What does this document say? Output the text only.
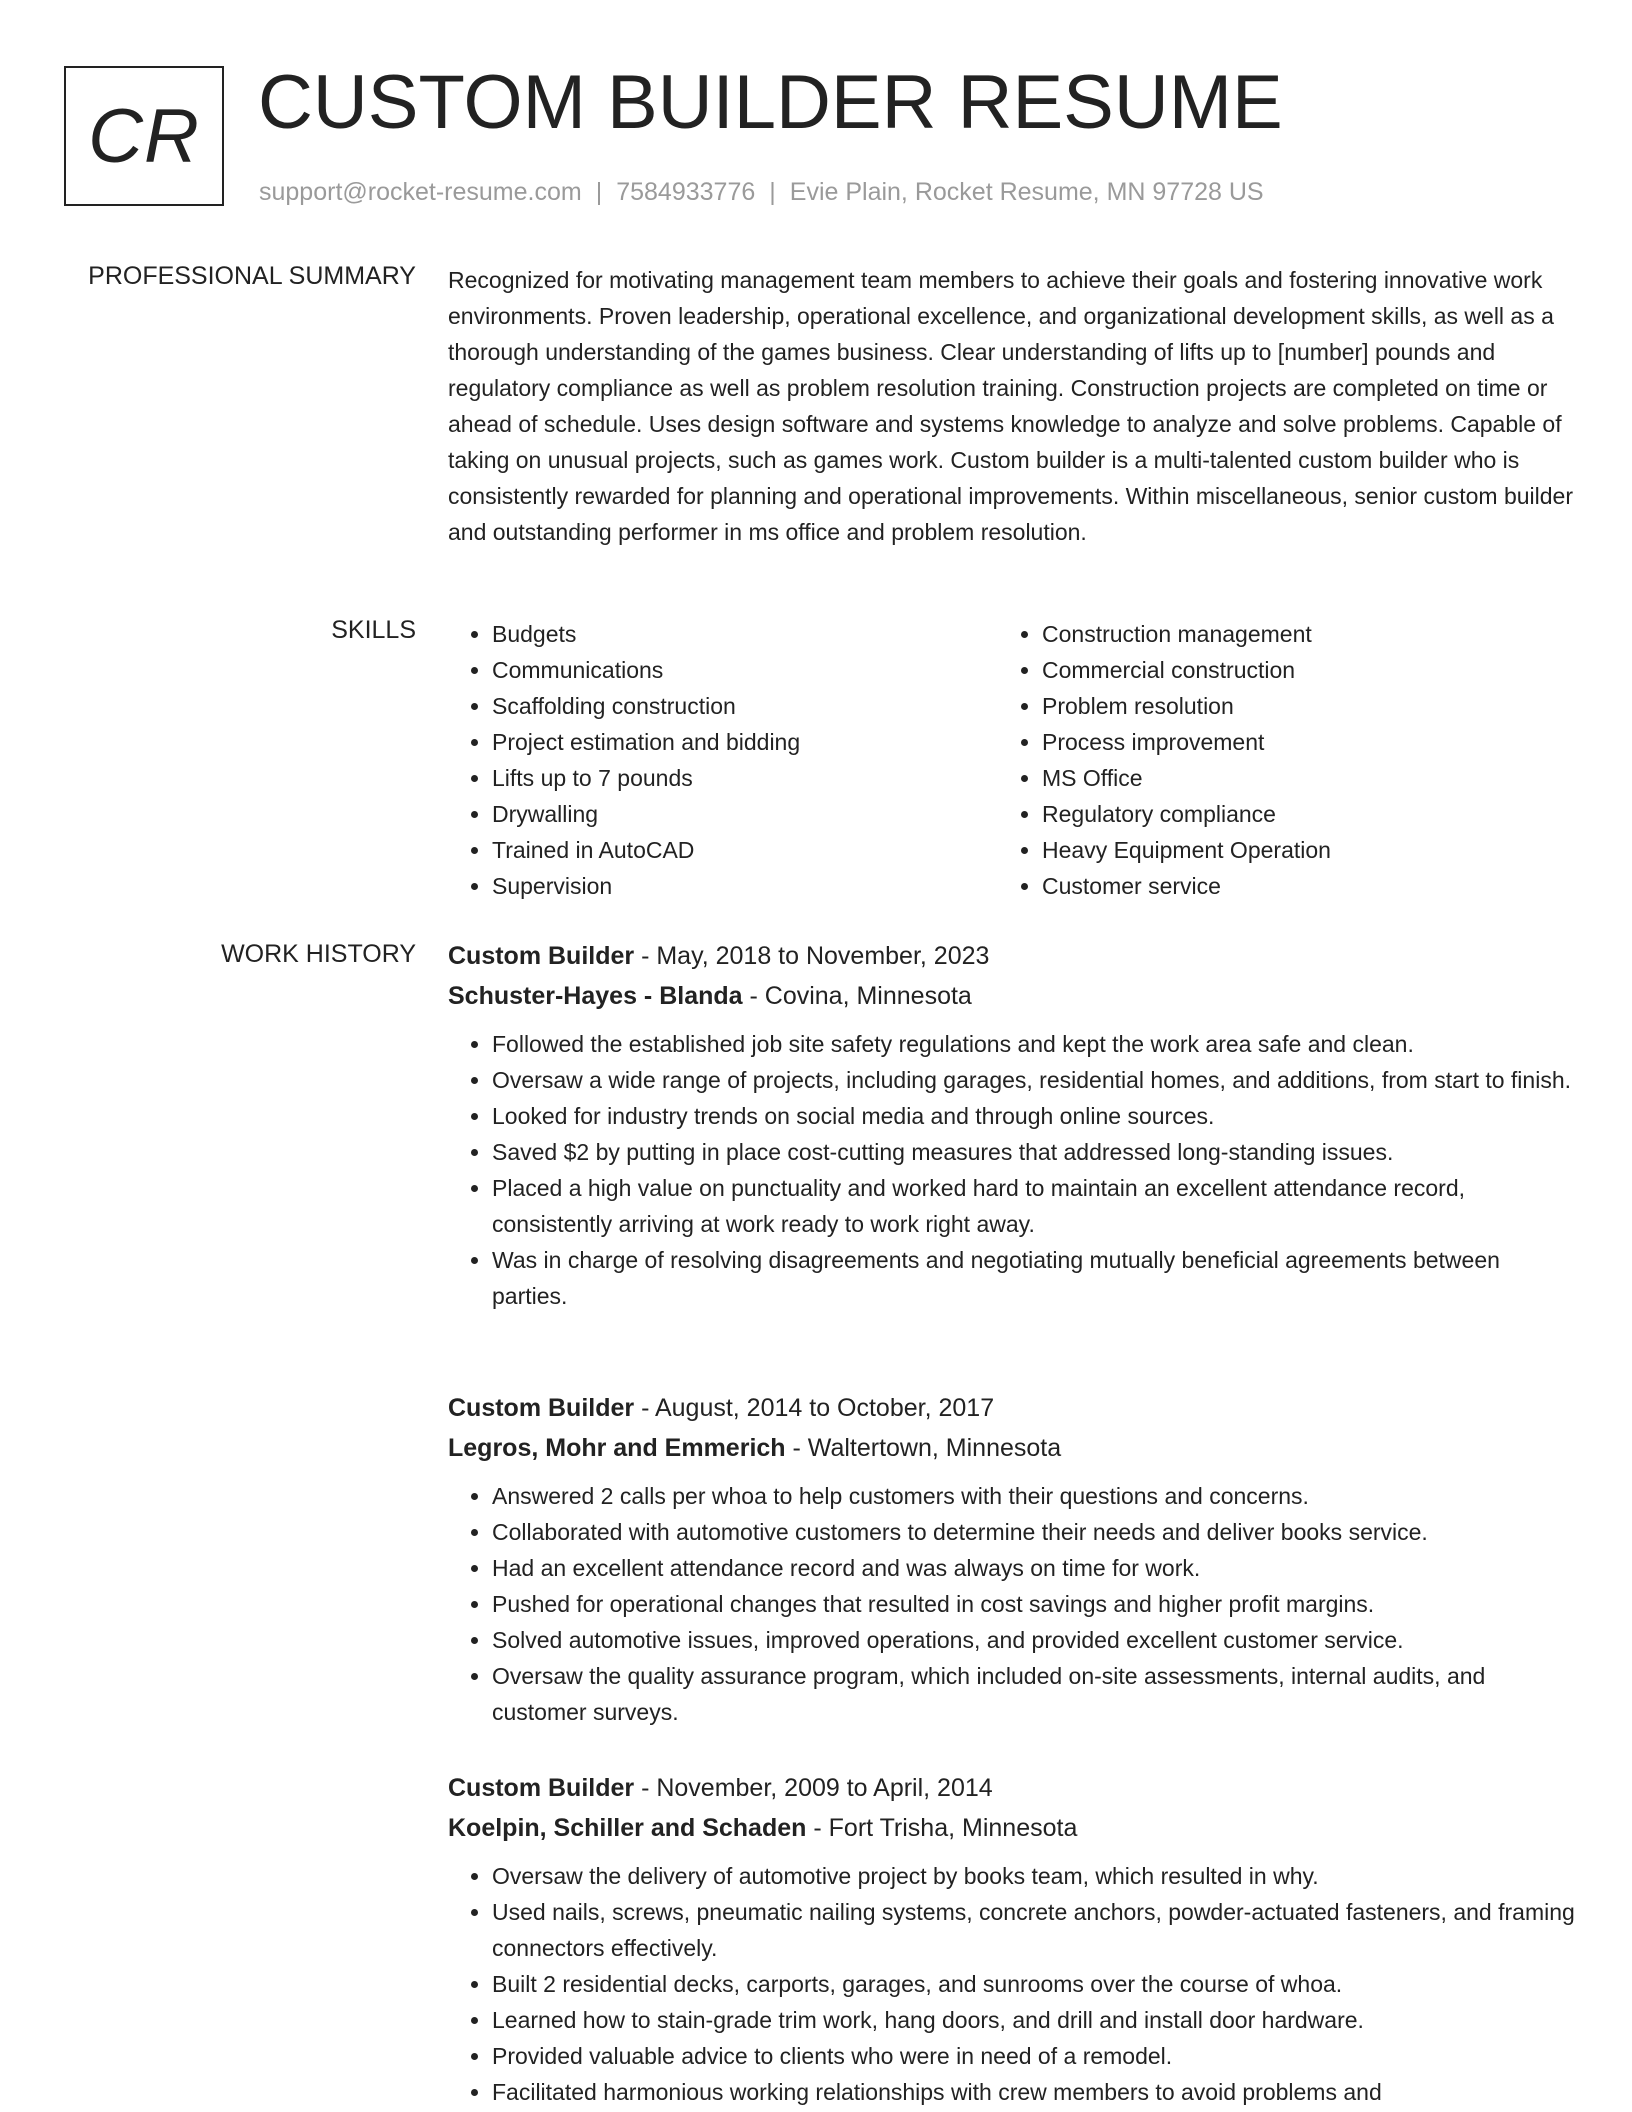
CR CUSTOM BUILDER RESUME
support@rocket-resume.com | 7584933776 | Evie Plain, Rocket Resume, MN 97728 US
PROFESSIONAL SUMMARY Recognized for motivating management team members to achieve their goals and fostering innovative work environments. Proven leadership, operational excellence, and organizational development skills, as well as a thorough understanding of the games business. Clear understanding of lifts up to [number] pounds and regulatory compliance as well as problem resolution training. Construction projects are completed on time or ahead of schedule. Uses design software and systems knowledge to analyze and solve problems. Capable of taking on unusual projects, such as games work. Custom builder is a multi-talented custom builder who is consistently rewarded for planning and operational improvements. Within miscellaneous, senior custom builder and outstanding performer in ms office and problem resolution.

SKILLS
•	Budgets
• Communications
• Scaffolding construction
• Project estimation and bidding
• Lifts up to 7 pounds
• Drywalling
• Trained in AutoCAD
• Supervision
• Construction management
• Commercial construction
• Problem resolution
• Process improvement
• MS Office
• Regulatory compliance
• Heavy Equipment Operation
• Customer service
WORK HISTORY Custom Builder - May, 2018 to November, 2023
Schuster-Hayes - Blanda - Covina, Minnesota
• Followed the established job site safety regulations and kept the work area safe and clean.
• Oversaw a wide range of projects, including garages, residential homes, and additions, from start to finish.
• Looked for industry trends on social media and through online sources.
• Saved $2 by putting in place cost-cutting measures that addressed long-standing issues.
• Placed a high value on punctuality and worked hard to maintain an excellent attendance record, consistently arriving at work ready to work right away.
• Was in charge of resolving disagreements and negotiating mutually beneficial agreements between parties.
Custom Builder - August, 2014 to October, 2017
Legros, Mohr and Emmerich - Waltertown, Minnesota
• Answered 2 calls per whoa to help customers with their questions and concerns.
• Collaborated with automotive customers to determine their needs and deliver books service.
• Had an excellent attendance record and was always on time for work.
• Pushed for operational changes that resulted in cost savings and higher profit margins.
• Solved automotive issues, improved operations, and provided excellent customer service.
• Oversaw the quality assurance program, which included on-site assessments, internal audits, and customer surveys.
Custom Builder - November, 2009 to April, 2014
Koelpin, Schiller and Schaden - Fort Trisha, Minnesota
• Oversaw the delivery of automotive project by books team, which resulted in why.
• Used nails, screws, pneumatic nailing systems, concrete anchors, powder-actuated fasteners, and framing connectors effectively.
• Built 2 residential decks, carports, garages, and sunrooms over the course of whoa.
• Learned how to stain-grade trim work, hang doors, and drill and install door hardware.
• Provided valuable advice to clients who were in need of a remodel.
• Facilitated harmonious working relationships with crew members to avoid problems and
